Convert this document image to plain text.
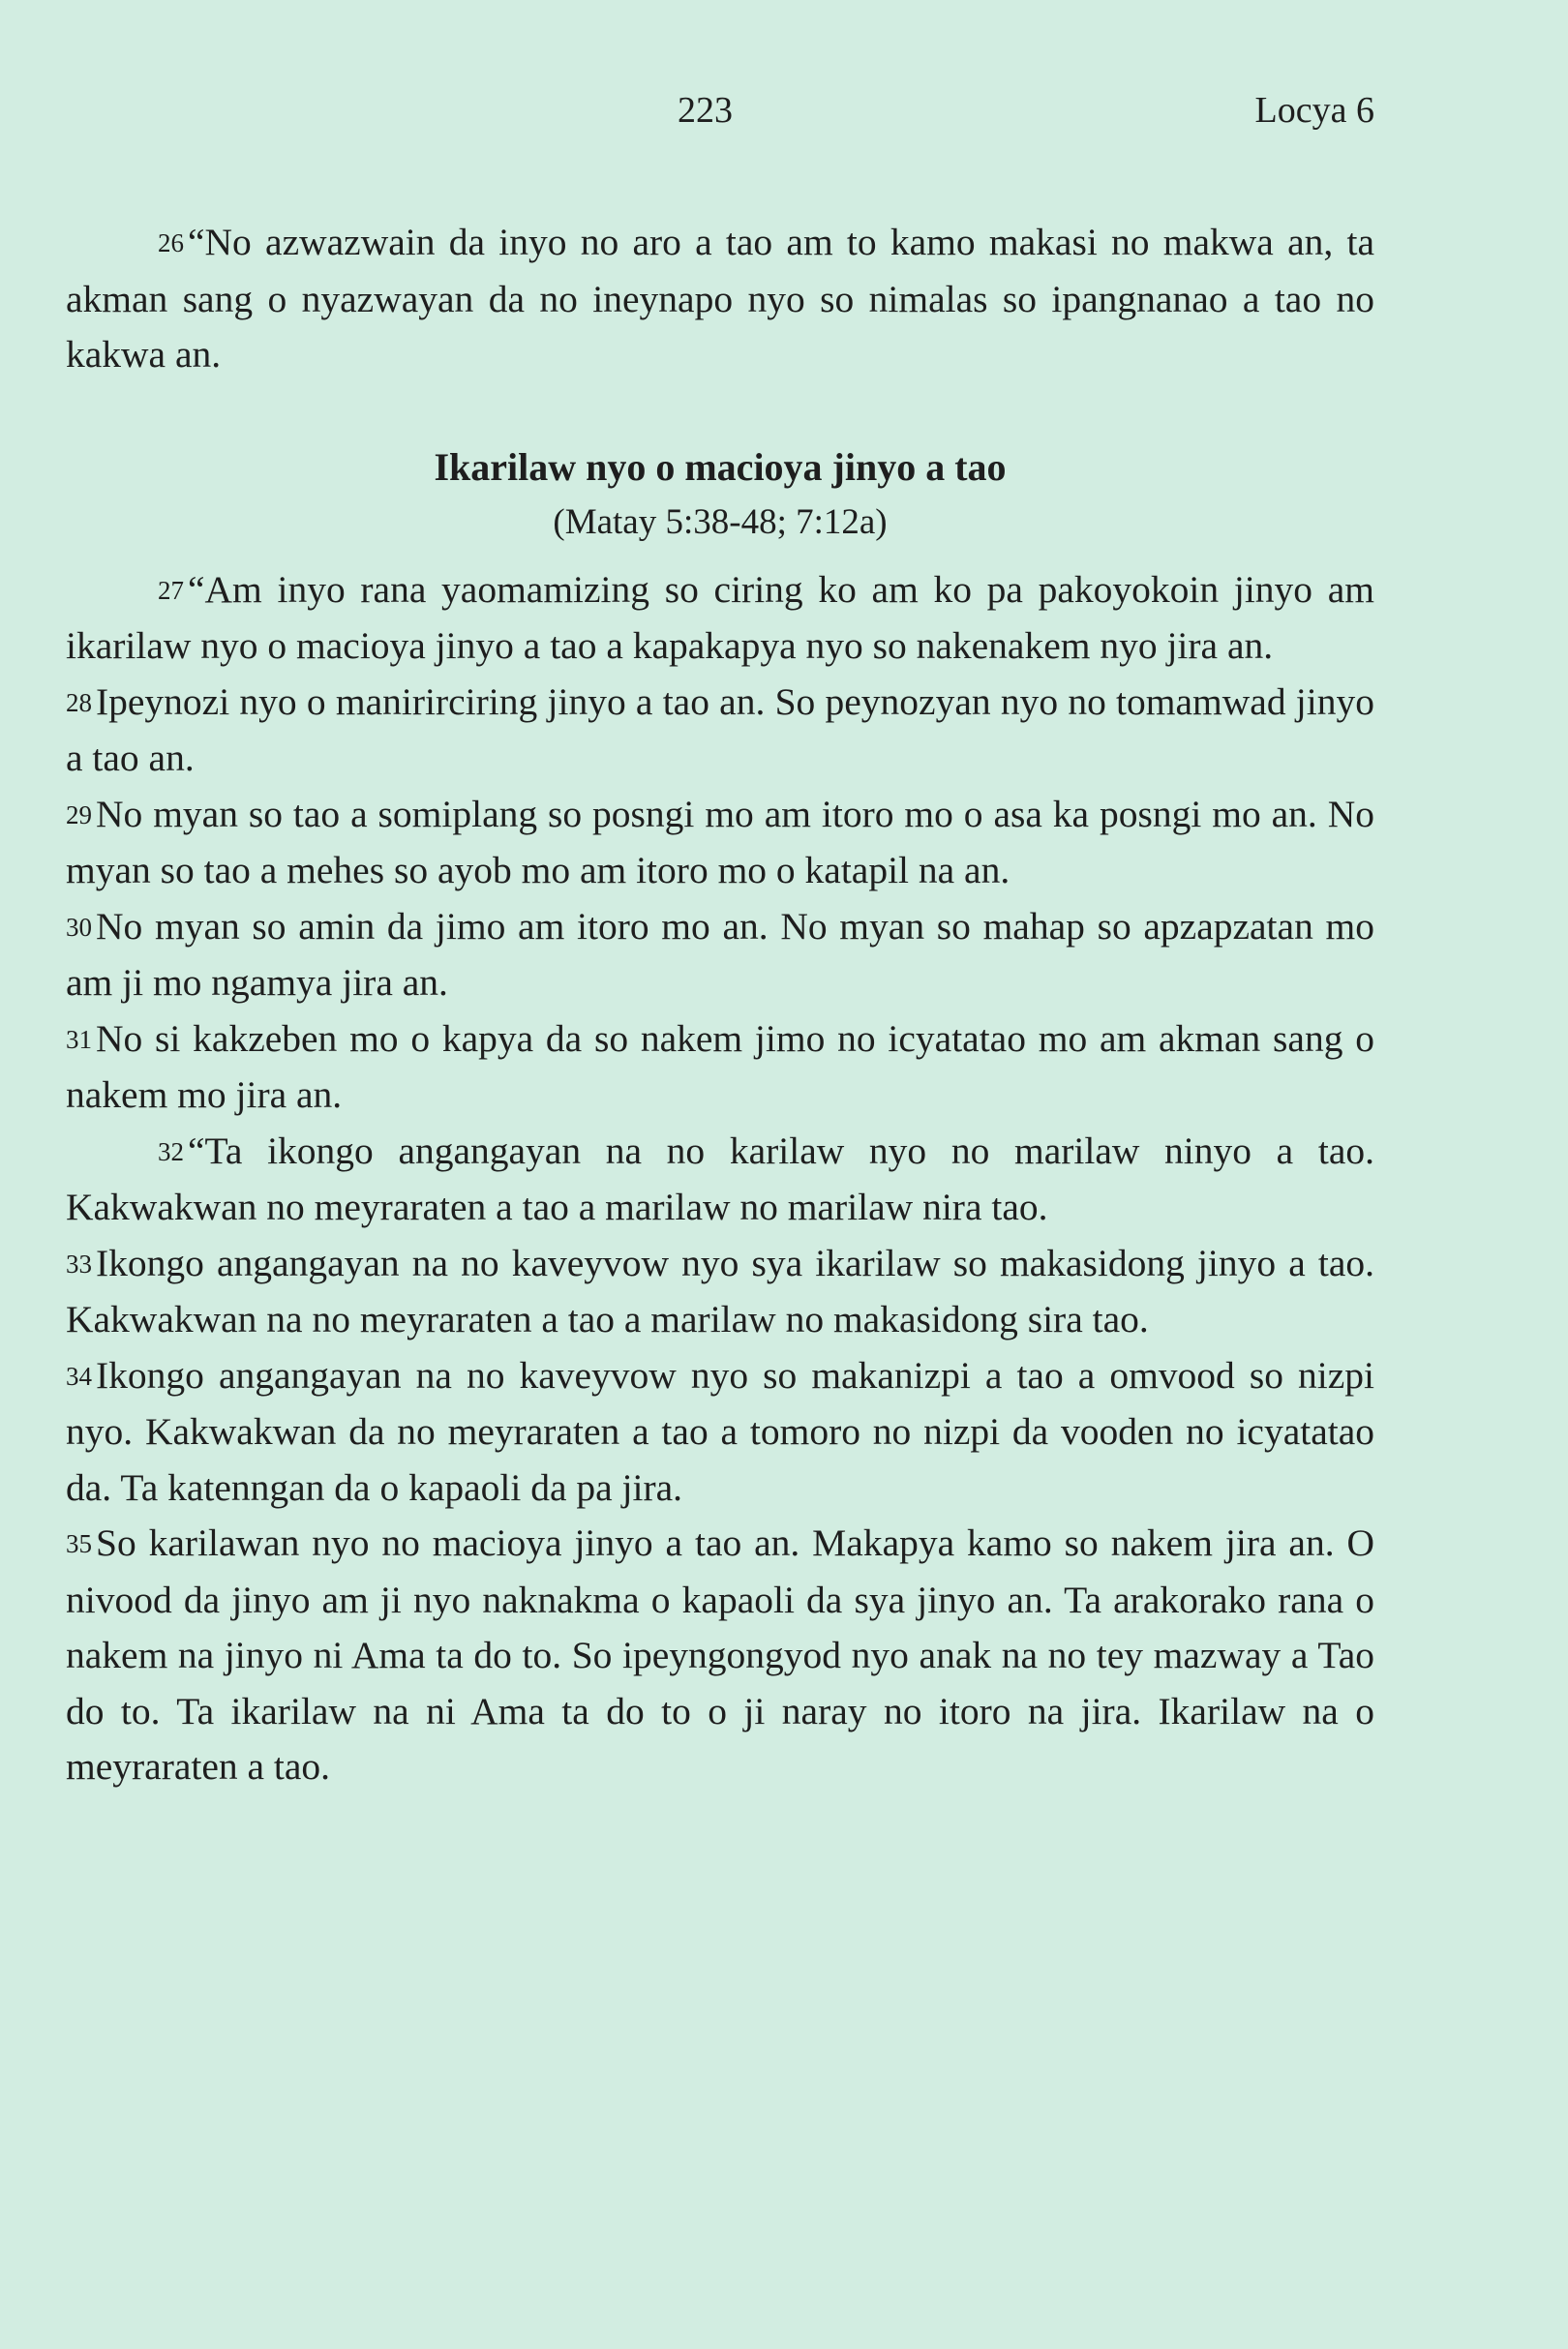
223	Locya 6

26 “No azwazwain da inyo no aro a tao am to kamo makasi no makwa an, ta akman sang o nyazwayan da no ineynapo nyo so nimalas so ipangnanao a tao no kakwa an.

Ikarilaw nyo o macioya jinyo a tao
(Matay 5:38-48; 7:12a)

27 “Am inyo rana yaomamizing so ciring ko am ko pa pakoyokoin jinyo am ikarilaw nyo o macioya jinyo a tao a kapakapya nyo so nakenakem nyo jira an.

28 Ipeynozi nyo o manirirciring jinyo a tao an. So peynozyan nyo no tomamwad jinyo a tao an.

29 No myan so tao a somiplang so posngi mo am itoro mo o asa ka posngi mo an. No myan so tao a mehes so ayob mo am itoro mo o katapil na an.

30 No myan so amin da jimo am itoro mo an. No myan so mahap so apzapzatan mo am ji mo ngamya jira an.

31 No si kakzeben mo o kapya da so nakem jimo no icyatatao mo am akman sang o nakem mo jira an.

32 “Ta ikongo angangayan na no karilaw nyo no marilaw ninyo a tao. Kakwakwan no meyraraten a tao a marilaw no marilaw nira tao.

33 Ikongo angangayan na no kaveyvow nyo sya ikarilaw so makasidong jinyo a tao. Kakwakwan na no meyraraten a tao a marilaw no makasidong sira tao.

34 Ikongo angangayan na no kaveyvow nyo so makanizpi a tao a omvood so nizpi nyo. Kakwakwan da no meyraraten a tao a tomoro no nizpi da vooden no icyatatao da. Ta katenngan da o kapaoli da pa jira.

35 So karilawan nyo no macioya jinyo a tao an. Makapya kamo so nakem jira an. O nivood da jinyo am ji nyo naknakma o kapaoli da sya jinyo an. Ta arakorako rana o nakem na jinyo ni Ama ta do to. So ipeyngongyod nyo anak na no tey mazway a Tao do to. Ta ikarilaw na ni Ama ta do to o ji naray no itoro na jira. Ikarilaw na o meyraraten a tao.
